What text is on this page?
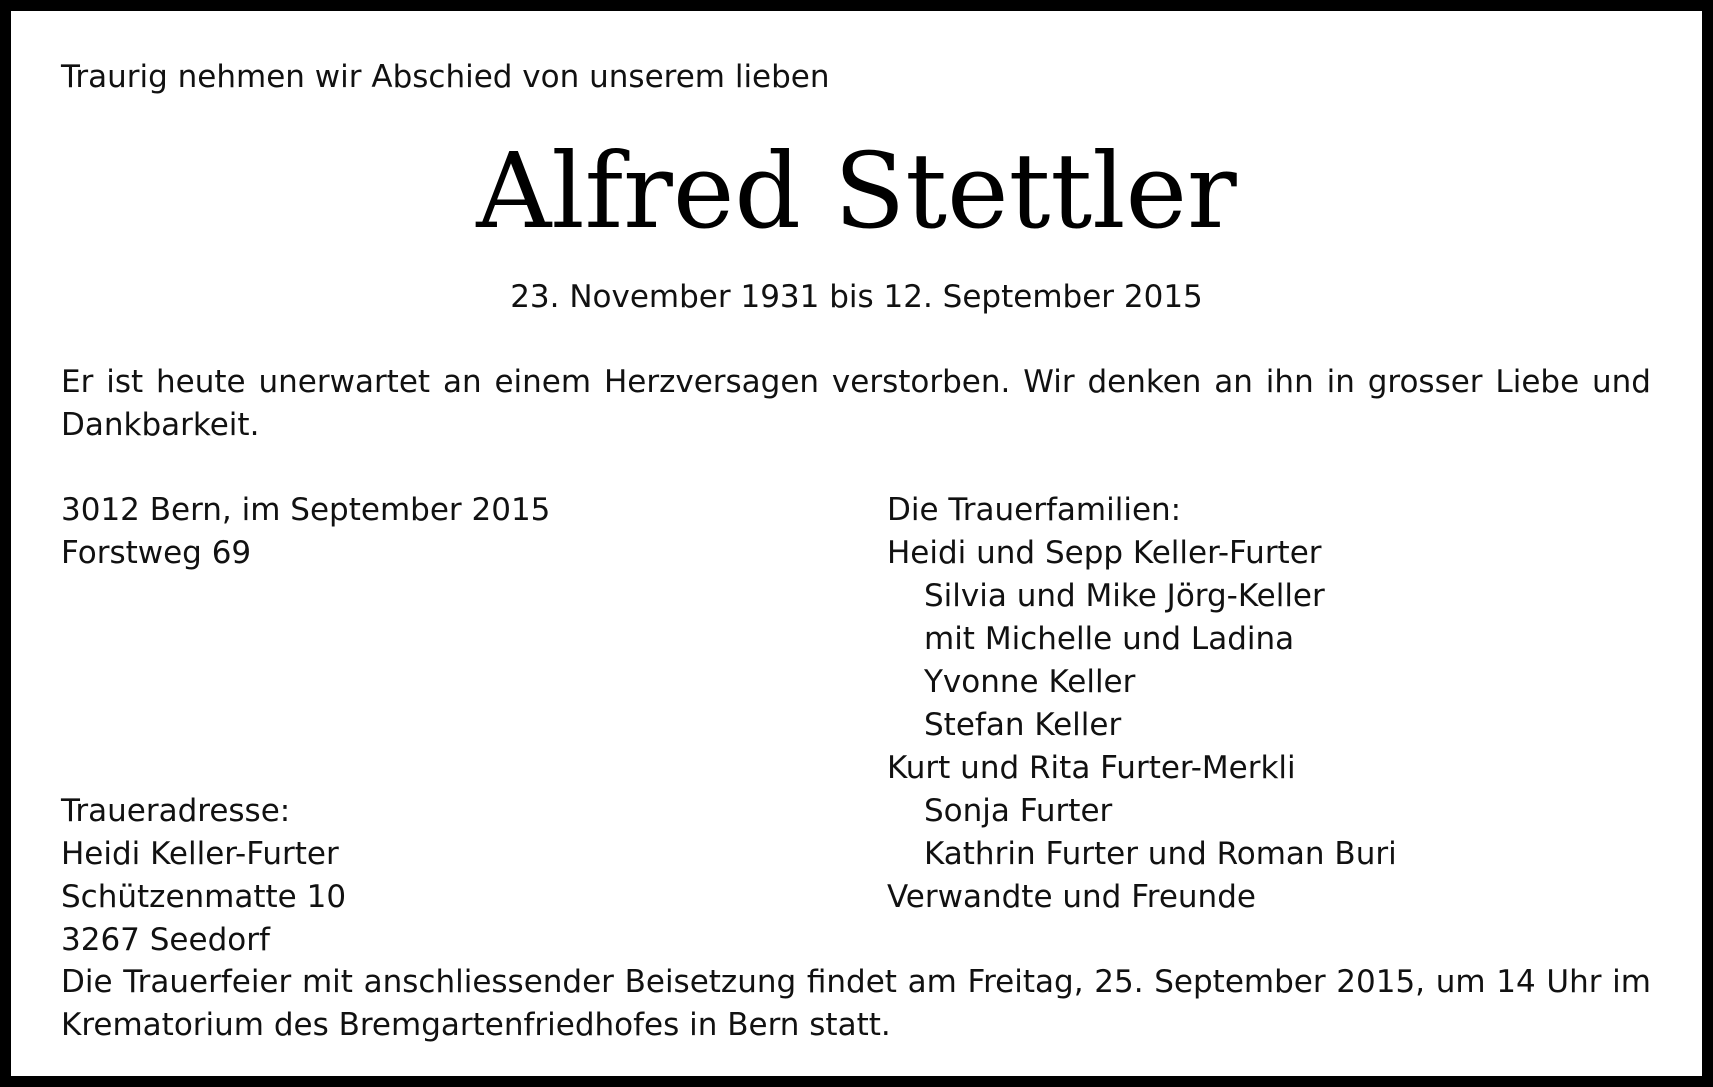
Traurig nehmen wir Abschied von unserem lieben
Alfred Stettler
23. November 1931 bis 12. September 2015
Er ist heute unerwartet an einem Herzversagen verstorben. Wir denken an ihn in grosser Liebe und Dankbarkeit.
3012 Bern, im September 2015
Forstweg 69
Traueradresse:
Heidi Keller-Furter
Schützenmatte 10
3267 Seedorf
Die Trauerfamilien:
Heidi und Sepp Keller-Furter
Silvia und Mike Jörg-Keller
mit Michelle und Ladina
Yvonne Keller
Stefan Keller
Kurt und Rita Furter-Merkli
Sonja Furter
Kathrin Furter und Roman Buri
Verwandte und Freunde
Die Trauerfeier mit anschliessender Beisetzung findet am Freitag, 25. September 2015, um 14 Uhr im Krematorium des Bremgartenfriedhofes in Bern statt.
